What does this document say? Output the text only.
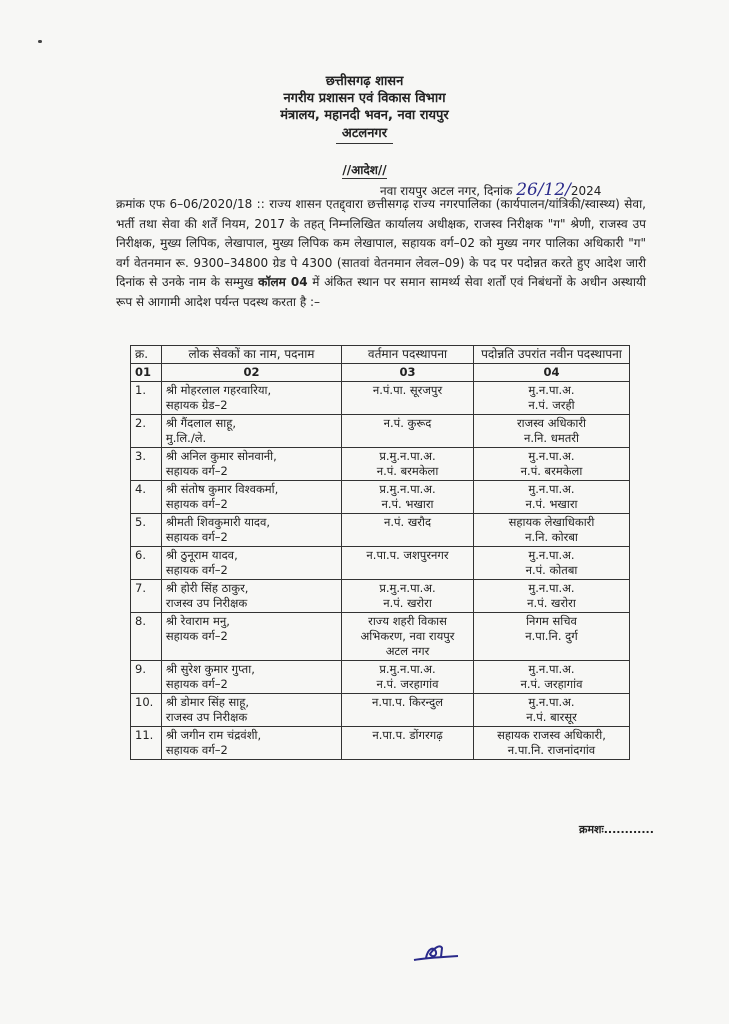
छत्तीसगढ़ शासन
नगरीय प्रशासन एवं विकास विभाग
मंत्रालय, महानदी भवन, नवा रायपुर
अटलनगर
//आदेश//
नवा रायपुर अटल नगर, दिनांक 26/12/2024
क्रमांक एफ 6–06/2020/18 :: राज्य शासन एतद्द्वारा छत्तीसगढ़ राज्य नगरपालिका (कार्यपालन/यांत्रिकी/स्वास्थ्य) सेवा, भर्ती तथा सेवा की शर्तें नियम, 2017 के तहत् निम्नलिखित कार्यालय अधीक्षक, राजस्व निरीक्षक "ग" श्रेणी, राजस्व उप निरीक्षक, मुख्य लिपिक, लेखापाल, मुख्य लिपिक कम लेखापाल, सहायक वर्ग–02 को मुख्य नगर पालिका अधिकारी "ग" वर्ग वेतनमान रू. 9300–34800 ग्रेड पे 4300 (सातवां वेतनमान लेवल–09) के पद पर पदोन्नत करते हुए आदेश जारी दिनांक से उनके नाम के सम्मुख कॉलम 04 में अंकित स्थान पर समान सामर्थ्य सेवा शर्तों एवं निबंधनों के अधीन अस्थायी रूप से आगामी आदेश पर्यन्त पदस्थ करता है :–
क्र.	लोक सेवकों का नाम, पदनाम	वर्तमान पदस्थापना	पदोन्नति उपरांत नवीन पदस्थापना
01	02	03	04
1.	श्री मोहरलाल गहरवारिया,
सहायक ग्रेड–2	न.पं.पा. सूरजपुर	मु.न.पा.अ.
न.पं. जरही
2.	श्री गैंदलाल साहू,
मु.लि./ले.	न.पं. कुरूद	राजस्व अधिकारी
न.नि. धमतरी
3.	श्री अनिल कुमार सोनवानी,
सहायक वर्ग–2	प्र.मु.न.पा.अ.
न.पं. बरमकेला	मु.न.पा.अ.
न.पं. बरमकेला
4.	श्री संतोष कुमार विश्वकर्मा,
सहायक वर्ग–2	प्र.मु.न.पा.अ.
न.पं. भखारा	मु.न.पा.अ.
न.पं. भखारा
5.	श्रीमती शिवकुमारी यादव,
सहायक वर्ग–2	न.पं. खरौद	सहायक लेखाधिकारी
न.नि. कोरबा
6.	श्री ठुनूराम यादव,
सहायक वर्ग–2	न.पा.प. जशपुरनगर	मु.न.पा.अ.
न.पं. कोतबा
7.	श्री होरी सिंह ठाकुर,
राजस्व उप निरीक्षक	प्र.मु.न.पा.अ.
न.पं. खरोरा	मु.न.पा.अ.
न.पं. खरोरा
8.	श्री रेवाराम मनु,
सहायक वर्ग–2	राज्य शहरी विकास
अभिकरण, नवा रायपुर
अटल नगर	निगम सचिव
न.पा.नि. दुर्ग
9.	श्री सुरेश कुमार गुप्ता,
सहायक वर्ग–2	प्र.मु.न.पा.अ.
न.पं. जरहागांव	मु.न.पा.अ.
न.पं. जरहागांव
10.	श्री डोमार सिंह साहू,
राजस्व उप निरीक्षक	न.पा.प. किरन्दुल	मु.न.पा.अ.
न.पं. बारसूर
11.	श्री जगीन राम चंद्रवंशी,
सहायक वर्ग–2	न.पा.प. डोंगरगढ़	सहायक राजस्व अधिकारी,
न.पा.नि. राजनांदगांव
क्रमशः............
